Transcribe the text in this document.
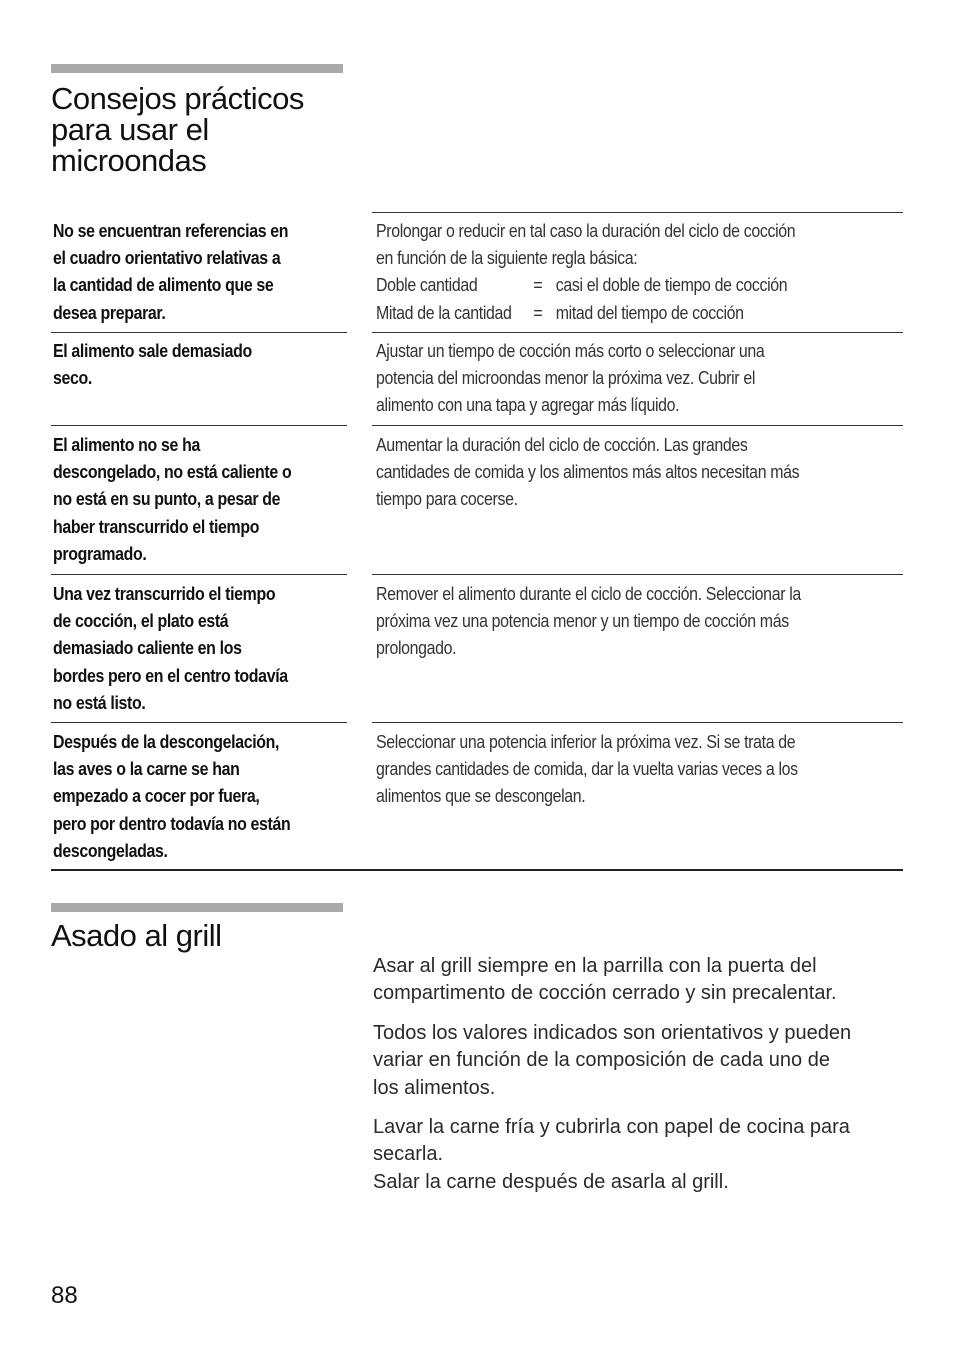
Consejos prácticos
para usar el
microondas
No se encuentran referencias en
el cuadro orientativo relativas a
la cantidad de alimento que se
desea preparar.
Prolongar o reducir en tal caso la duración del ciclo de cocción
en función de la siguiente regla básica:
Doble cantidad	= casi el doble de tiempo de cocción
Mitad de la cantidad	= mitad del tiempo de cocción
El alimento sale demasiado
seco.
Ajustar un tiempo de cocción más corto o seleccionar una
potencia del microondas menor la próxima vez. Cubrir el
alimento con una tapa y agregar más líquido.
El alimento no se ha
descongelado, no está caliente o
no está en su punto, a pesar de
haber transcurrido el tiempo
programado.
Aumentar la duración del ciclo de cocción. Las grandes
cantidades de comida y los alimentos más altos necesitan más
tiempo para cocerse.
Una vez transcurrido el tiempo
de cocción, el plato está
demasiado caliente en los
bordes pero en el centro todavía
no está listo.
Remover el alimento durante el ciclo de cocción. Seleccionar la
próxima vez una potencia menor y un tiempo de cocción más
prolongado.
Después de la descongelación,
las aves o la carne se han
empezado a cocer por fuera,
pero por dentro todavía no están
descongeladas.
Seleccionar una potencia inferior la próxima vez. Si se trata de
grandes cantidades de comida, dar la vuelta varias veces a los
alimentos que se descongelan.
Asado al grill

Asar al grill siempre en la parrilla con la puerta del
compartimento de cocción cerrado y sin precalentar.

Todos los valores indicados son orientativos y pueden
variar en función de la composición de cada uno de
los alimentos.

Lavar la carne fría y cubrirla con papel de cocina para
secarla.
Salar la carne después de asarla al grill.

88
